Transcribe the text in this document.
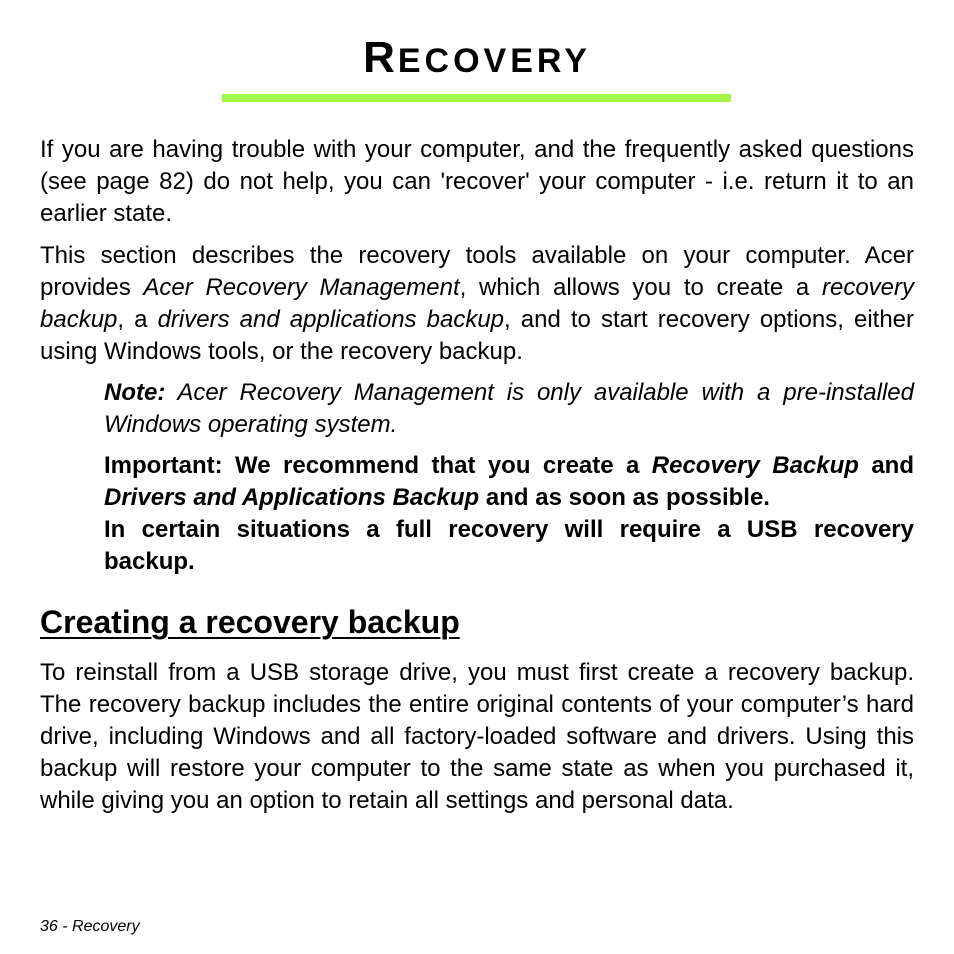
RECOVERY

If you are having trouble with your computer, and the frequently asked questions (see page 82) do not help, you can 'recover' your computer - i.e. return it to an earlier state.

This section describes the recovery tools available on your computer. Acer provides Acer Recovery Management, which allows you to create a recovery backup, a drivers and applications backup, and to start recovery options, either using Windows tools, or the recovery backup.

Note: Acer Recovery Management is only available with a pre-installed Windows operating system.

Important: We recommend that you create a Recovery Backup and Drivers and Applications Backup and as soon as possible.

In certain situations a full recovery will require a USB recovery backup.

Creating a recovery backup

To reinstall from a USB storage drive, you must first create a recovery backup. The recovery backup includes the entire original contents of your computer’s hard drive, including Windows and all factory-loaded software and drivers. Using this backup will restore your computer to the same state as when you purchased it, while giving you an option to retain all settings and personal data.

36 - Recovery
